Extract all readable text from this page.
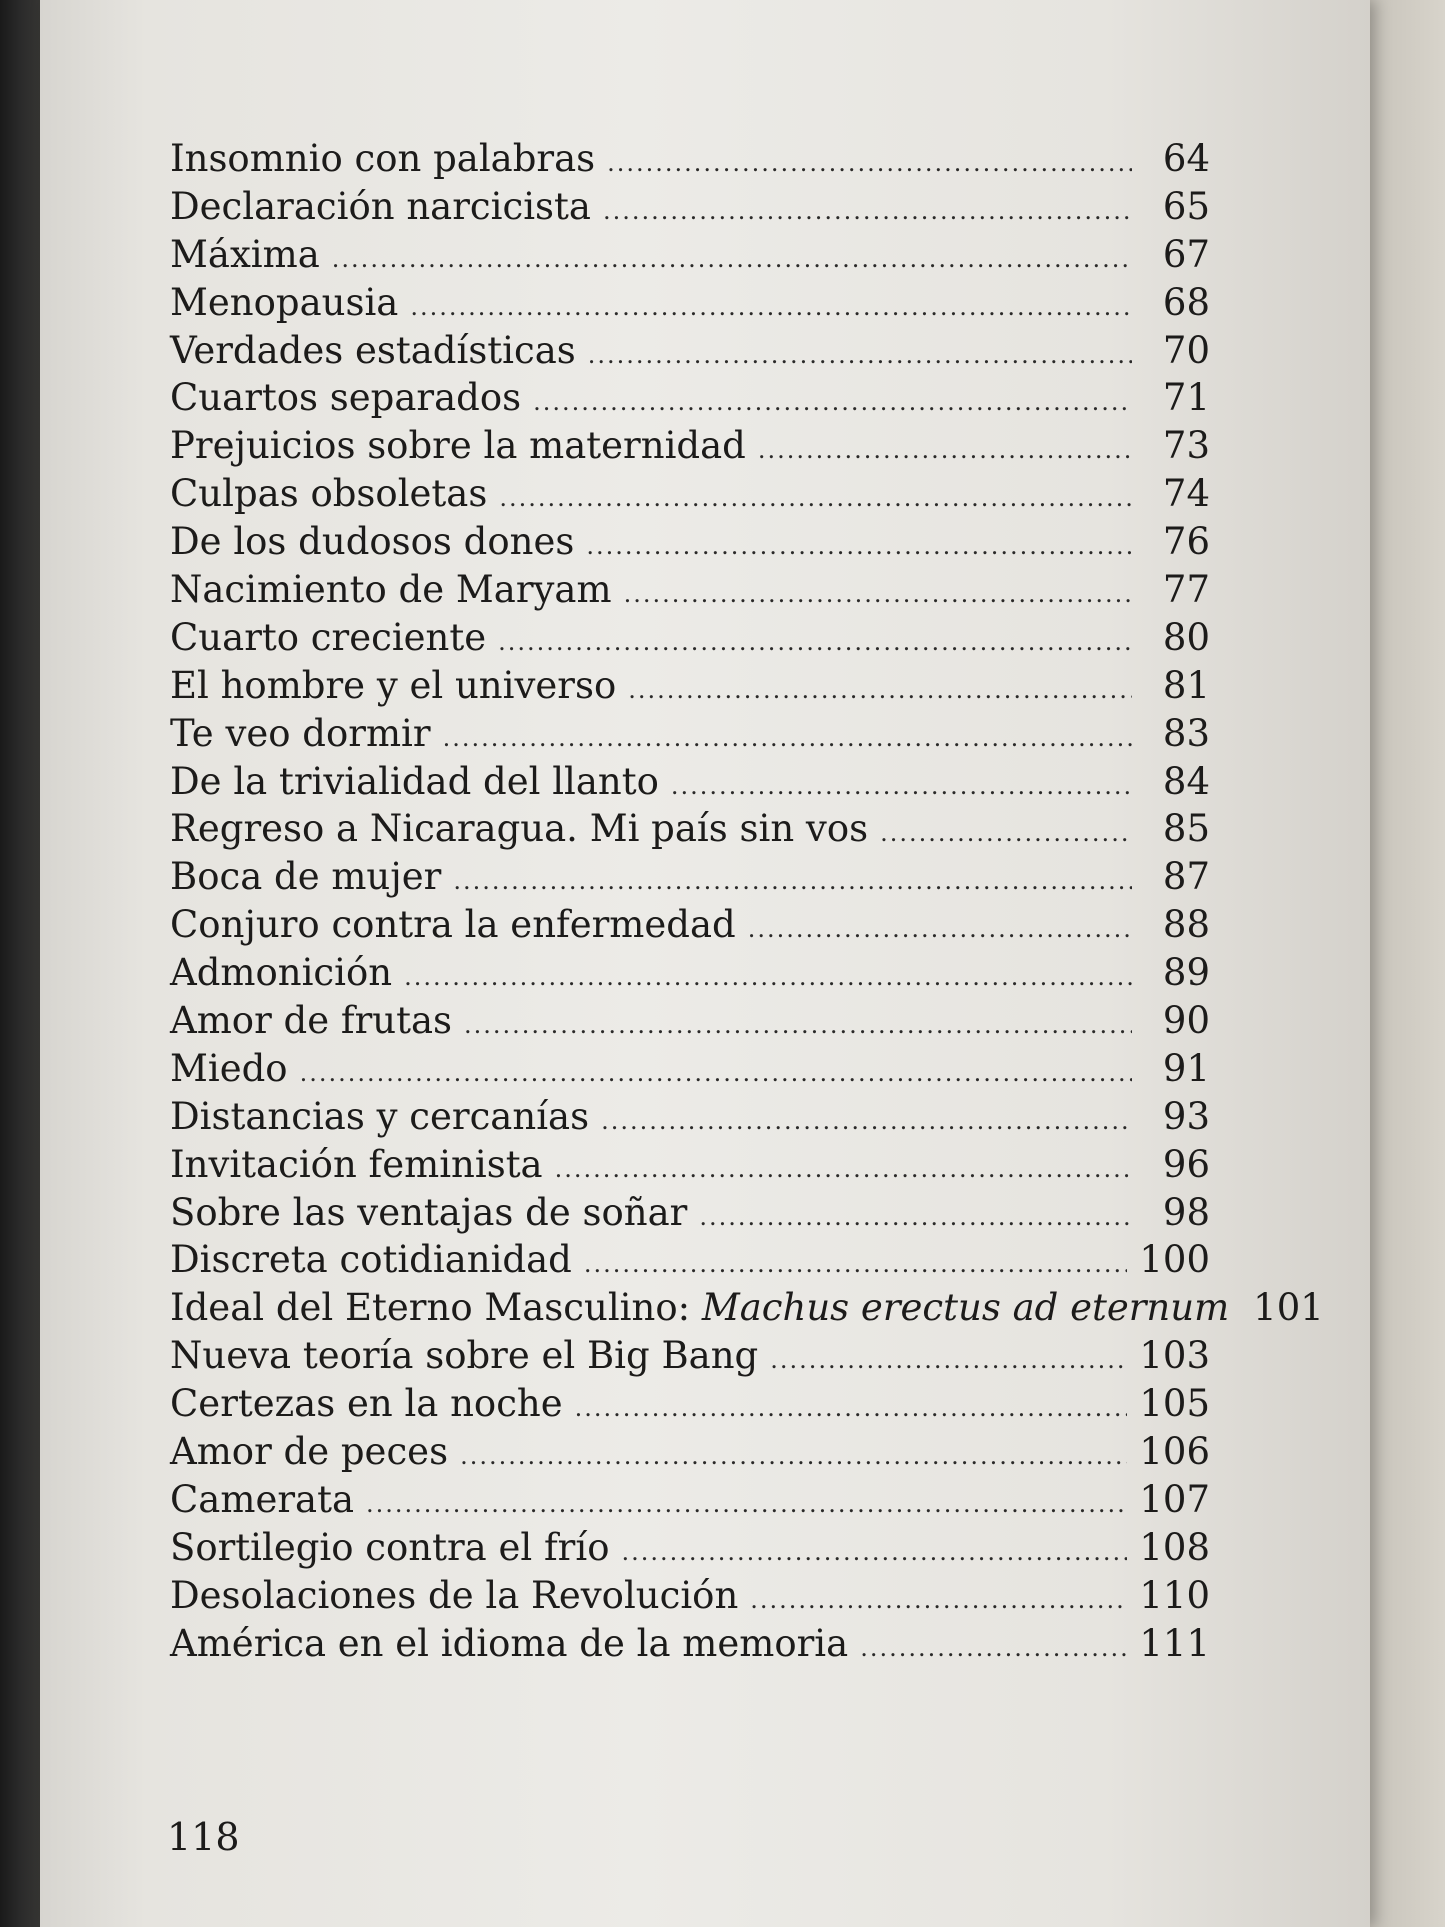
Insomnio con palabras .....	64
Declaración narcicista .....	65
Máxima .....	67
Menopausia .....	68
Verdades estadísticas .....	70
Cuartos separados .....	71
Prejuicios sobre la maternidad .....	73
Culpas obsoletas .....	74
De los dudosos dones .....	76
Nacimiento de Maryam .....	77
Cuarto creciente .....	80
El hombre y el universo .....	81
Te veo dormir .....	83
De la trivialidad del llanto .....	84
Regreso a Nicaragua. Mi país sin vos .....	85
Boca de mujer .....	87
Conjuro contra la enfermedad .....	88
Admonición .....	89
Amor de frutas .....	90
Miedo .....	91
Distancias y cercanías .....	93
Invitación feminista .....	96
Sobre las ventajas de soñar .....	98
Discreta cotidianidad .....	100
Ideal del Eterno Masculino: Machus erectus ad eternum 101
Nueva teoría sobre el Big Bang .....	103
Certezas en la noche .....	105
Amor de peces .....	106
Camerata .....	107
Sortilegio contra el frío .....	108
Desolaciones de la Revolución .....	110
América en el idioma de la memoria .....	111
118
